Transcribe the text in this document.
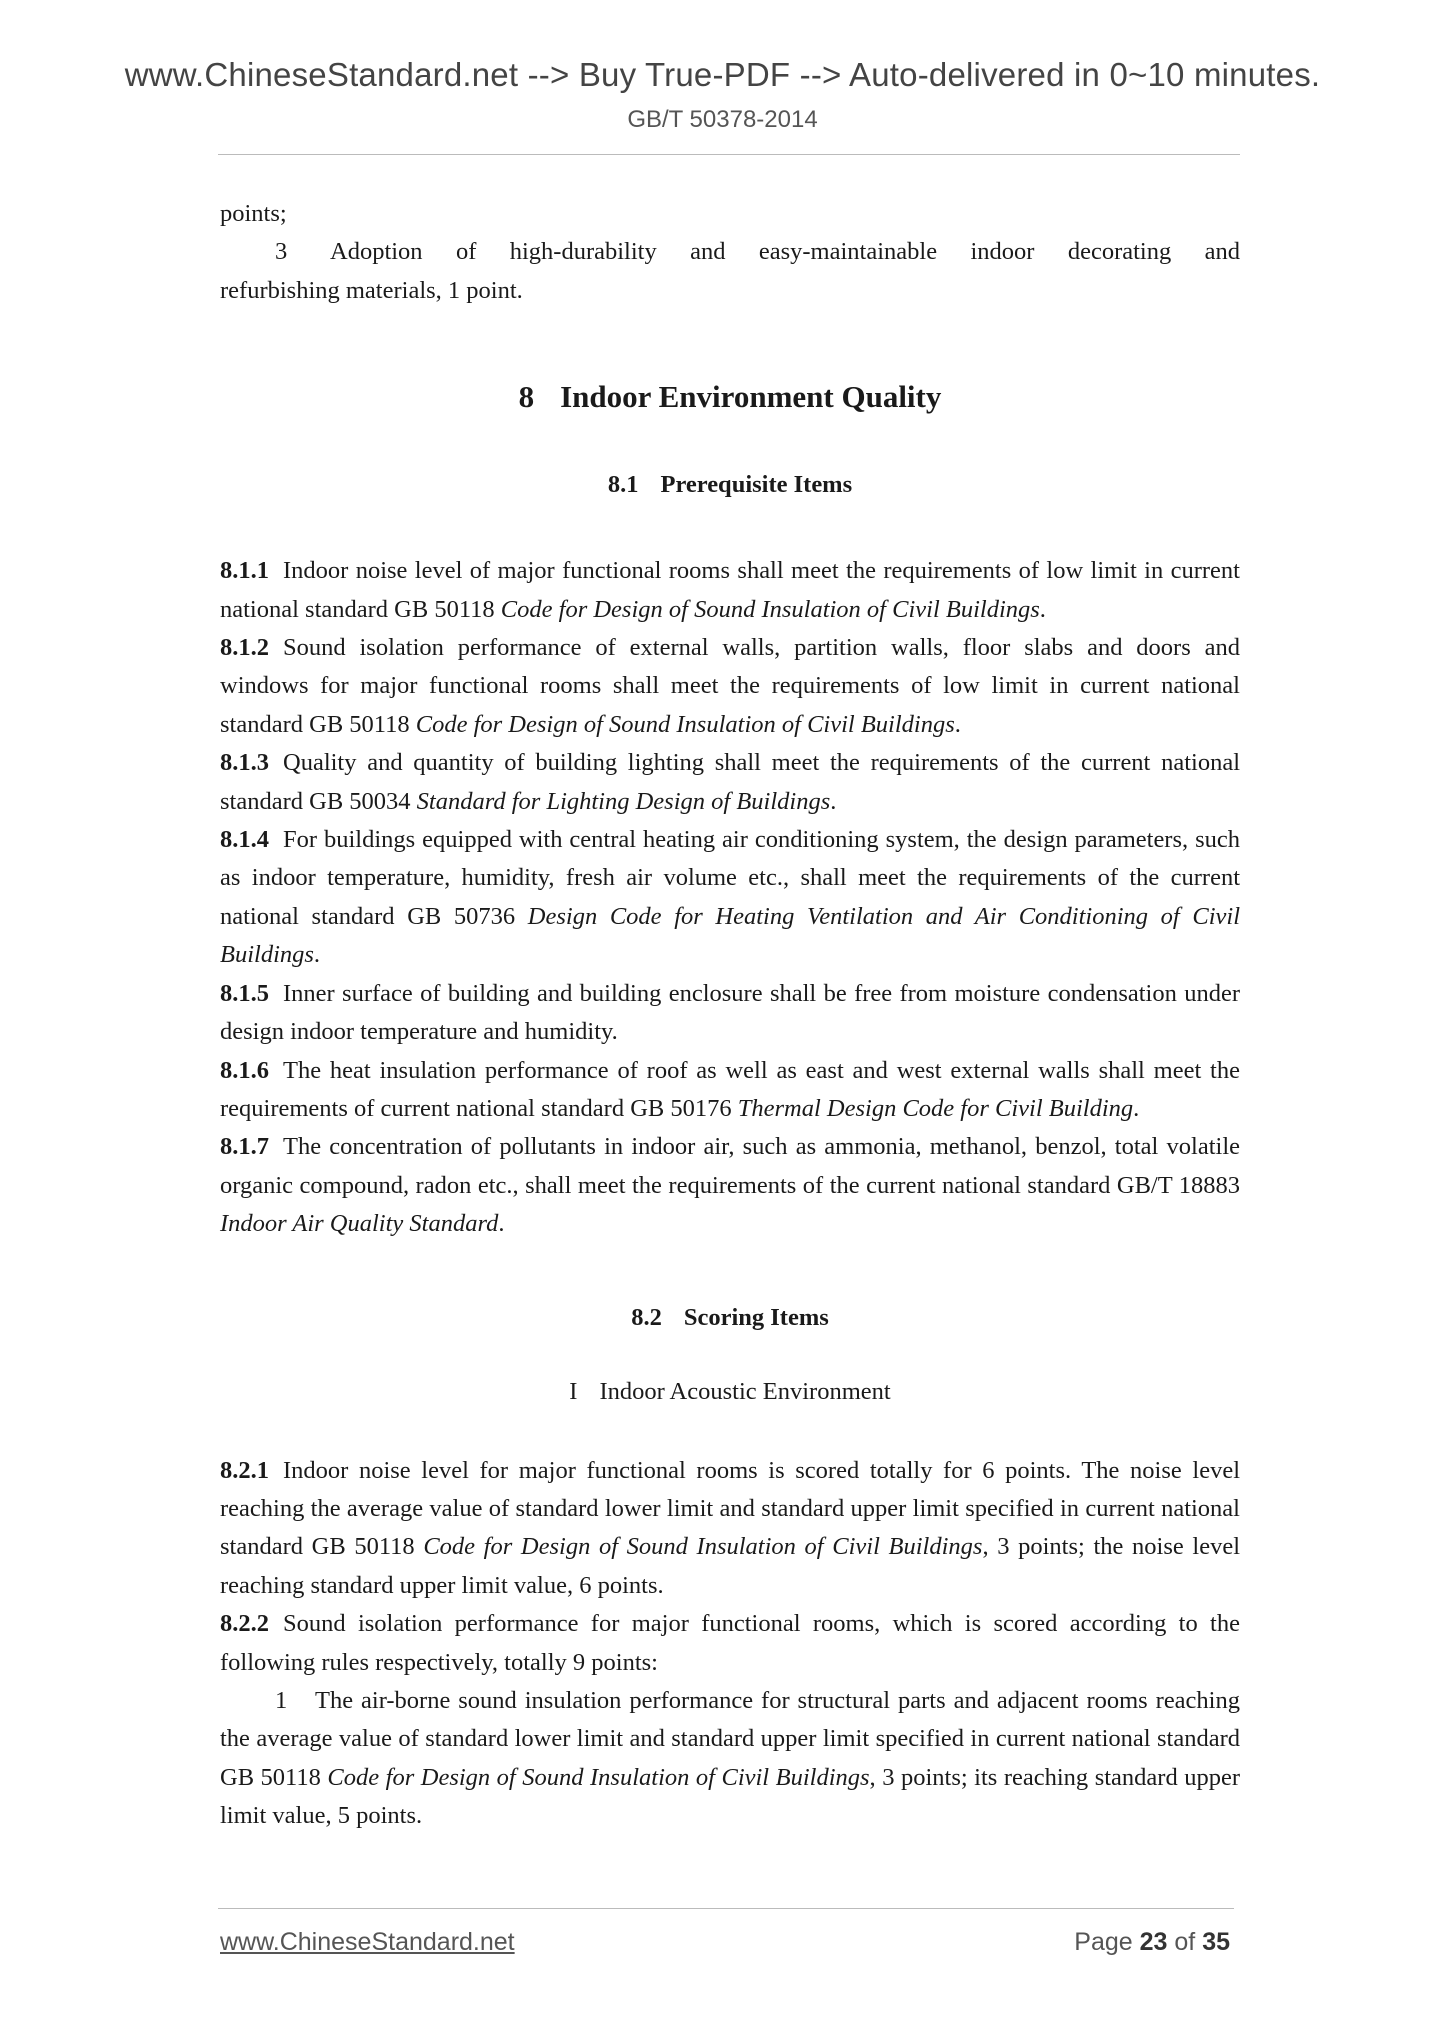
www.ChineseStandard.net --> Buy True-PDF --> Auto-delivered in 0~10 minutes.
GB/T 50378-2014

points;

3 Adoption of high-durability and easy-maintainable indoor decorating and

refurbishing materials, 1 point.

8 Indoor Environment Quality
8.1 Prerequisite Items

8.1.1 Indoor noise level of major functional rooms shall meet the requirements of low limit in current national standard GB 50118 Code for Design of Sound Insulation of Civil Buildings.

8.1.2 Sound isolation performance of external walls, partition walls, floor slabs and doors and windows for major functional rooms shall meet the requirements of low limit in current national standard GB 50118 Code for Design of Sound Insulation of Civil Buildings.

8.1.3 Quality and quantity of building lighting shall meet the requirements of the current national standard GB 50034 Standard for Lighting Design of Buildings.

8.1.4 For buildings equipped with central heating air conditioning system, the design parameters, such as indoor temperature, humidity, fresh air volume etc., shall meet the requirements of the current national standard GB 50736 Design Code for Heating Ventilation and Air Conditioning of Civil Buildings.

8.1.5 Inner surface of building and building enclosure shall be free from moisture condensation under design indoor temperature and humidity.

8.1.6 The heat insulation performance of roof as well as east and west external walls shall meet the requirements of current national standard GB 50176 Thermal Design Code for Civil Building.

8.1.7 The concentration of pollutants in indoor air, such as ammonia, methanol, benzol, total volatile organic compound, radon etc., shall meet the requirements of the current national standard GB/T 18883 Indoor Air Quality Standard.

8.2 Scoring Items
I Indoor Acoustic Environment

8.2.1 Indoor noise level for major functional rooms is scored totally for 6 points. The noise level reaching the average value of standard lower limit and standard upper limit specified in current national standard GB 50118 Code for Design of Sound Insulation of Civil Buildings, 3 points; the noise level reaching standard upper limit value, 6 points.

8.2.2 Sound isolation performance for major functional rooms, which is scored according to the following rules respectively, totally 9 points:

1 The air-borne sound insulation performance for structural parts and adjacent rooms reaching the average value of standard lower limit and standard upper limit specified in current national standard GB 50118 Code for Design of Sound Insulation of Civil Buildings, 3 points; its reaching standard upper limit value, 5 points.

www.ChineseStandard.net	Page 23 of 35
